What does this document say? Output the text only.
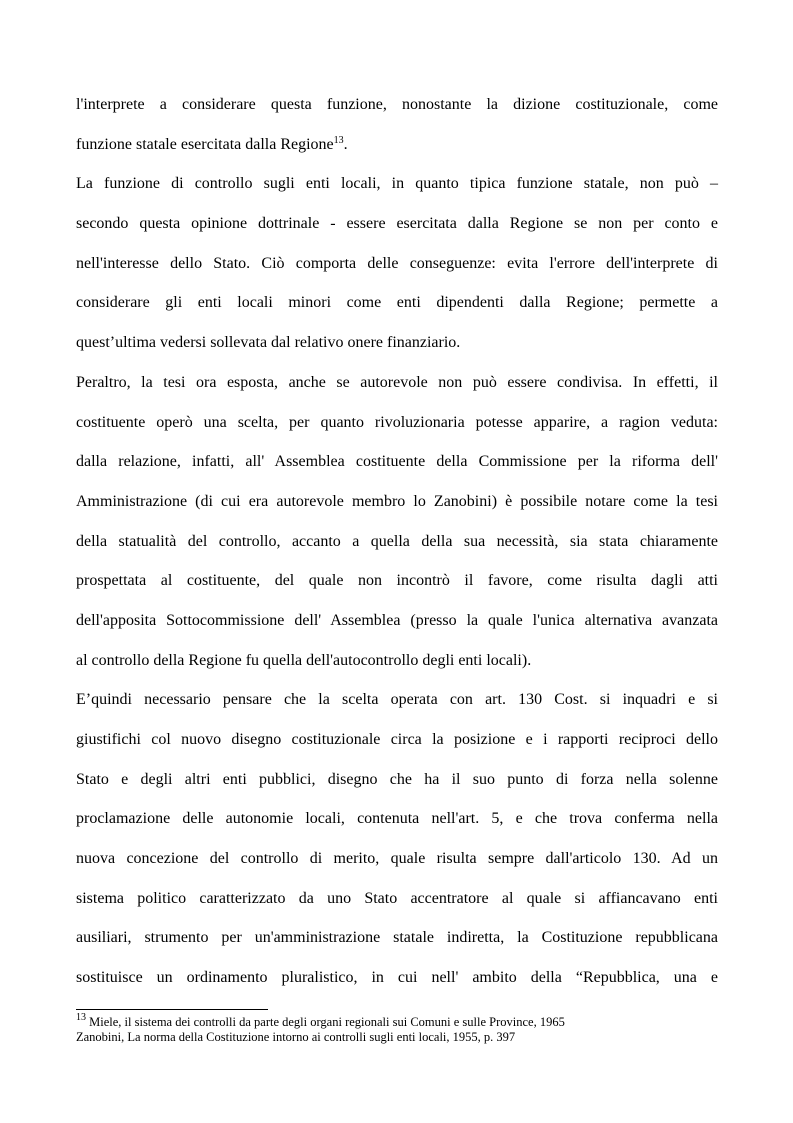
l'interprete a considerare questa funzione, nonostante la dizione costituzionale, come
funzione statale esercitata dalla Regione$^{13}$.
La funzione di controllo sugli enti locali, in quanto tipica funzione statale, non può –
secondo questa opinione dottrinale - essere esercitata dalla Regione se non per conto e
nell'interesse dello Stato. Ciò comporta delle conseguenze: evita l'errore dell'interprete di
considerare gli enti locali minori come enti dipendenti dalla Regione; permette a
quest’ultima vedersi sollevata dal relativo onere finanziario.
Peraltro, la tesi ora esposta, anche se autorevole non può essere condivisa. In effetti, il
costituente operò una scelta, per quanto rivoluzionaria potesse apparire, a ragion veduta:
dalla relazione, infatti, all' Assemblea costituente della Commissione per la riforma dell'
Amministrazione (di cui era autorevole membro lo Zanobini) è possibile notare come la tesi
della statualità del controllo, accanto a quella della sua necessità, sia stata chiaramente
prospettata al costituente, del quale non incontrò il favore, come risulta dagli atti
dell'apposita Sottocommissione dell' Assemblea (presso la quale l'unica alternativa avanzata
al controllo della Regione fu quella dell'autocontrollo degli enti locali).
E’quindi necessario pensare che la scelta operata con art. 130 Cost. si inquadri e si
giustifichi col nuovo disegno costituzionale circa la posizione e i rapporti reciproci dello
Stato e degli altri enti pubblici, disegno che ha il suo punto di forza nella solenne
proclamazione delle autonomie locali, contenuta nell'art. 5, e che trova conferma nella
nuova concezione del controllo di merito, quale risulta sempre dall'articolo 130. Ad un
sistema politico caratterizzato da uno Stato accentratore al quale si affiancavano enti
ausiliari, strumento per un'amministrazione statale indiretta, la Costituzione repubblicana
sostituisce un ordinamento pluralistico, in cui nell' ambito della “Repubblica, una e
$^{13}$ Miele, il sistema dei controlli da parte degli organi regionali sui Comuni e sulle Province, 1965
Zanobini, La norma della Costituzione intorno ai controlli sugli enti locali, 1955, p. 397
